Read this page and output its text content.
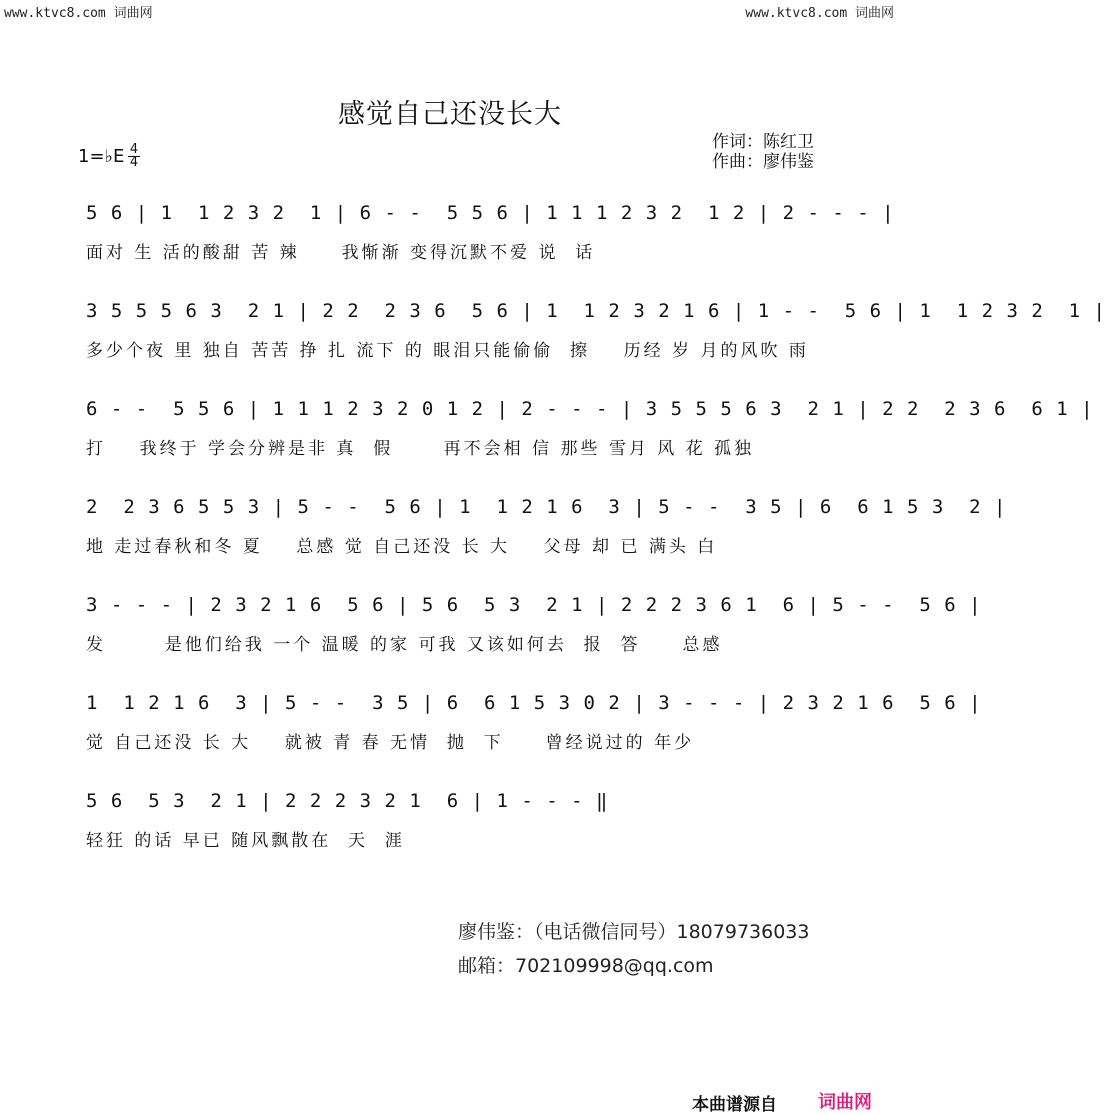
www.ktvc8.com 词曲网	www.ktvc8.com 词曲网
感觉自己还没长大
作词：陈红卫
作曲：廖伟鉴
1=♭E 4
4
5 6 | 1  1 2 3 2  1 | 6 - -  5 5 6 | 1 1 1 2 3 2  1 2 | 2 - - - |
面对 生 活的酸甜 苦 辣     我惭渐 变得沉默不爱 说  话
3 5 5 5 6 3  2 1 | 2 2  2 3 6  5 6 | 1  1 2 3 2 1 6 | 1 - -  5 6 | 1  1 2 3 2  1 |
多少个夜 里 独自 苦苦 挣 扎 流下 的 眼泪只能偷偷  擦    历经 岁 月的风吹 雨
6 - -  5 5 6 | 1 1 1 2 3 2 0 1 2 | 2 - - - | 3 5 5 5 6 3  2 1 | 2 2  2 3 6  6 1 |
打    我终于 学会分辨是非 真  假      再不会相 信 那些 雪月 风 花 孤独
2  2 3 6 5 5 3 | 5 - -  5 6 | 1  1 2 1 6  3 | 5 - -  3 5 | 6  6 1 5 3  2 |
地 走过春秋和冬 夏    总感 觉 自己还没 长 大    父母 却 已 满头 白
3 - - - | 2 3 2 1 6  5 6 | 5 6  5 3  2 1 | 2 2 2 3 6 1  6 | 5 - -  5 6 |
发       是他们给我 一个 温暖 的家 可我 又该如何去  报  答     总感
1  1 2 1 6  3 | 5 - -  3 5 | 6  6 1 5 3 0 2 | 3 - - - | 2 3 2 1 6  5 6 |
觉 自己还没 长 大    就被 青 春 无情  抛  下     曾经说过的 年少
5 6  5 3  2 1 | 2 2 2 3 2 1  6 | 1 - - - ‖
轻狂 的话 早已 随风飘散在  天  涯
廖伟鉴：（电话微信同号）18079736033
邮箱：702109998@qq.com
本曲谱源自 词曲网
